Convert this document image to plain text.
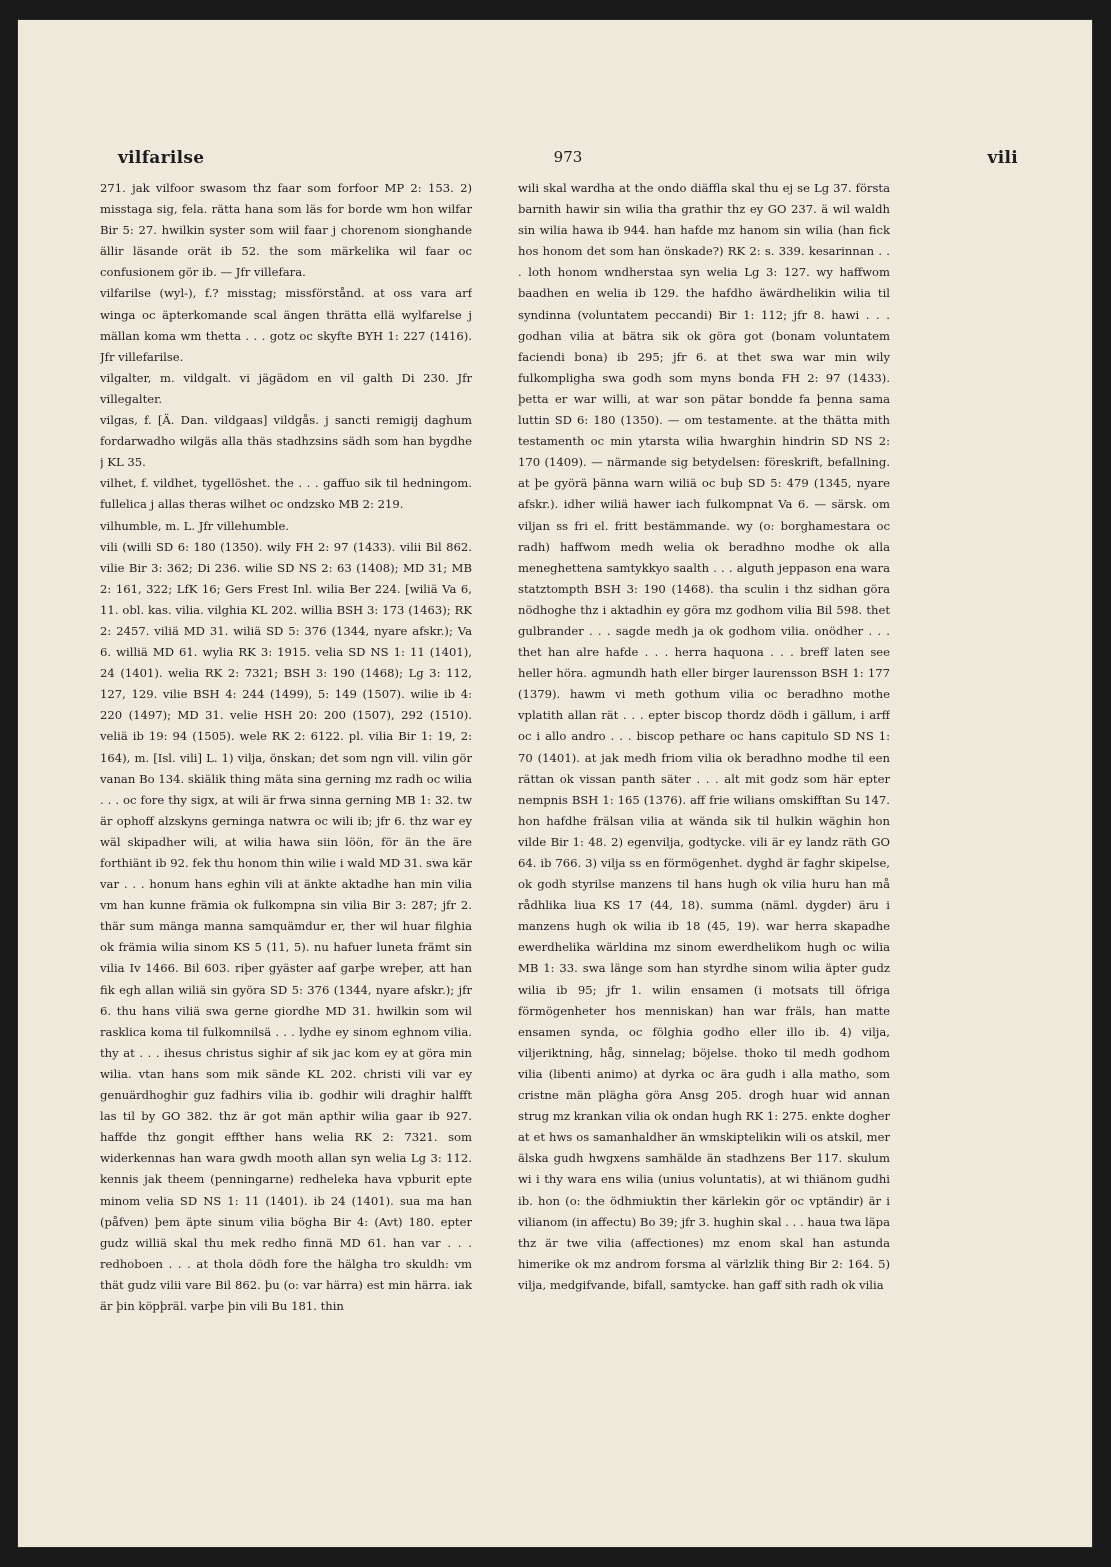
vilfarilse	973	vili

271. jak vilfoor swasom thz faar som forfoor MP 2: 153. 2) misstaga sig, fela. rätta hana som läs for borde wm hon wilfar Bir 5: 27. hwilkin syster som wiil faar j chorenom sionghande ällir läsande orät ib 52. the som märkelika wil faar oc confusionem gör ib. — Jfr villefara.

vilfarilse (wyl-), f.? misstag; missförstånd. at oss vara arf winga oc äpterkomande scal ängen thrätta ellä wylfarelse j mällan koma wm thetta . . . gotz oc skyfte BYH 1: 227 (1416). Jfr villefarilse.

vilgalter, m. vildgalt. vi jägädom en vil galth Di 230. Jfr villegalter.

vilgas, f. [Ä. Dan. vildgaas] vildgås. j sancti remigij daghum fordarwadho wilgäs alla thäs stadhzsins sädh som han bygdhe j KL 35.

vilhet, f. vildhet, tygellöshet. the . . . gaffuo sik til hedningom. fullelica j allas theras wilhet oc ondzsko MB 2: 219.

vilhumble, m. L. Jfr villehumble.

vili (willi SD 6: 180 (1350). wily FH 2: 97 (1433). vilii Bil 862. vilie Bir 3: 362; Di 236. wilie SD NS 2: 63 (1408); MD 31; MB 2: 161, 322; LfK 16; Gers Frest Inl. wilia Ber 224. [wiliä Va 6, 11. obl. kas. vilia. vilghia KL 202. willia BSH 3: 173 (1463); RK 2: 2457. viliä MD 31. wiliä SD 5: 376 (1344, nyare afskr.); Va 6. williä MD 61. wylia RK 3: 1915. velia SD NS 1: 11 (1401), 24 (1401). welia RK 2: 7321; BSH 3: 190 (1468); Lg 3: 112, 127, 129. vilie BSH 4: 244 (1499), 5: 149 (1507). wilie ib 4: 220 (1497); MD 31. velie HSH 20: 200 (1507), 292 (1510). veliä ib 19: 94 (1505). wele RK 2: 6122. pl. vilia Bir 1: 19, 2: 164), m. [Isl. vili] L. 1) vilja, önskan; det som ngn vill. vilin gör vanan Bo 134. skiälik thing mäta sina gerning mz radh oc wilia . . . oc fore thy sigx, at wili är frwa sinna gerning MB 1: 32. tw är ophoff alzskyns gerninga natwra oc wili ib; jfr 6. thz war ey wäl skipadher wili, at wilia hawa siin löön, för än the äre forthiänt ib 92. fek thu honom thin wilie i wald MD 31. swa kär var . . . honum hans eghin vili at änkte aktadhe han min vilia vm han kunne främia ok fulkompna sin vilia Bir 3: 287; jfr 2. thär sum mänga manna samquämdur er, ther wil huar filghia ok främia wilia sinom KS 5 (11, 5). nu hafuer luneta främt sin vilia Iv 1466. Bil 603. riþer gyäster aaf garþe wreþer, att han fik egh allan wiliä sin györa SD 5: 376 (1344, nyare afskr.); jfr 6. thu hans viliä swa gerne giordhe MD 31. hwilkin som wil rasklica koma til fulkomnilsä . . . lydhe ey sinom eghnom vilia. thy at . . . ihesus christus sighir af sik jac kom ey at göra min wilia. vtan hans som mik sände KL 202. christi vili var ey genuärdhoghir guz fadhirs vilia ib. godhir wili draghir halfft las til by GO 382. thz är got män apthir wilia gaar ib 927. haffde thz gongit effther hans welia RK 2: 7321. som widerkennas han wara gwdh mooth allan syn welia Lg 3: 112. kennis jak theem (penningarne) redheleka hava vpburit epte minom velia SD NS 1: 11 (1401). ib 24 (1401). sua ma han (påfven) þem äpte sinum vilia bögha Bir 4: (Avt) 180. epter gudz williä skal thu mek redho finnä MD 61. han var . . . redhoboen . . . at thola dödh fore the hälgha tro skuldh: vm thät gudz vilii vare Bil 862. þu (o: var härra) est min härra. iak är þin köpþräl. varþe þin vili Bu 181. thin

wili skal wardha at the ondo diäffla skal thu ej se Lg 37. första barnith hawir sin wilia tha grathir thz ey GO 237. ä wil waldh sin wilia hawa ib 944. han hafde mz hanom sin wilia (han fick hos honom det som han önskade?) RK 2: s. 339. kesarinnan . . . loth honom wndherstaa syn welia Lg 3: 127. wy haffwom baadhen en welia ib 129. the hafdho äwärdhelikin wilia til syndinna (voluntatem peccandi) Bir 1: 112; jfr 8. hawi . . . godhan vilia at bätra sik ok göra got (bonam voluntatem faciendi bona) ib 295; jfr 6. at thet swa war min wily fulkompligha swa godh som myns bonda FH 2: 97 (1433). þetta er war willi, at war son pätar bondde fa þenna sama luttin SD 6: 180 (1350). — om testamente. at the thätta mith testamenth oc min ytarsta wilia hwarghin hindrin SD NS 2: 170 (1409). — närmande sig betydelsen: föreskrift, befallning. at þe györä þänna warn wiliä oc buþ SD 5: 479 (1345, nyare afskr.). idher wiliä hawer iach fulkompnat Va 6. — särsk. om viljan ss fri el. fritt bestämmande. wy (o: borghamestara oc radh) haffwom medh welia ok beradhno modhe ok alla meneghettena samtykkyo saalth . . . alguth jeppason ena wara statztompth BSH 3: 190 (1468). tha sculin i thz sidhan göra nödhoghe thz i aktadhin ey göra mz godhom vilia Bil 598. thet gulbrander . . . sagde medh ja ok godhom vilia. onödher . . . thet han alre hafde . . . herra haquona . . . breff laten see heller höra. agmundh hath eller birger laurensson BSH 1: 177 (1379). hawm vi meth gothum vilia oc beradhno mothe vplatith allan rät . . . epter biscop thordz dödh i gällum, i arff oc i allo andro . . . biscop pethare oc hans capitulo SD NS 1: 70 (1401). at jak medh friom vilia ok beradhno modhe til een rättan ok vissan panth säter . . . alt mit godz som här epter nempnis BSH 1: 165 (1376). aff frie wilians omskifftan Su 147. hon hafdhe frälsan vilia at wända sik til hulkin wäghin hon vilde Bir 1: 48. 2) egenvilja, godtycke. vili är ey landz räth GO 64. ib 766. 3) vilja ss en förmögenhet. dyghd är faghr skipelse, ok godh styrilse manzens til hans hugh ok vilia huru han må rådhlika liua KS 17 (44, 18). summa (näml. dygder) äru i manzens hugh ok wilia ib 18 (45, 19). war herra skapadhe ewerdhelika wärldina mz sinom ewerdhelikom hugh oc wilia MB 1: 33. swa länge som han styrdhe sinom wilia äpter gudz wilia ib 95; jfr 1. wilin ensamen (i motsats till öfriga förmögenheter hos menniskan) han war fräls, han matte ensamen synda, oc fölghia godho eller illo ib. 4) vilja, viljeriktning, håg, sinnelag; böjelse. thoko til medh godhom vilia (libenti animo) at dyrka oc ära gudh i alla matho, som cristne män plägha göra Ansg 205. drogh huar wid annan strug mz krankan vilia ok ondan hugh RK 1: 275. enkte dogher at et hws os samanhaldher än wmskiptelikin wili os atskil, mer älska gudh hwgxens samhälde än stadhzens Ber 117. skulum wi i thy wara ens wilia (unius voluntatis), at wi thiänom gudhi ib. hon (o: the ödhmiuktin ther kärlekin gör oc vptändir) är i vilianom (in affectu) Bo 39; jfr 3. hughin skal . . . haua twa läpa thz är twe vilia (affectiones) mz enom skal han astunda himerike ok mz androm forsma al värlzlik thing Bir 2: 164. 5) vilja, medgifvande, bifall, samtycke. han gaff sith radh ok vilia
